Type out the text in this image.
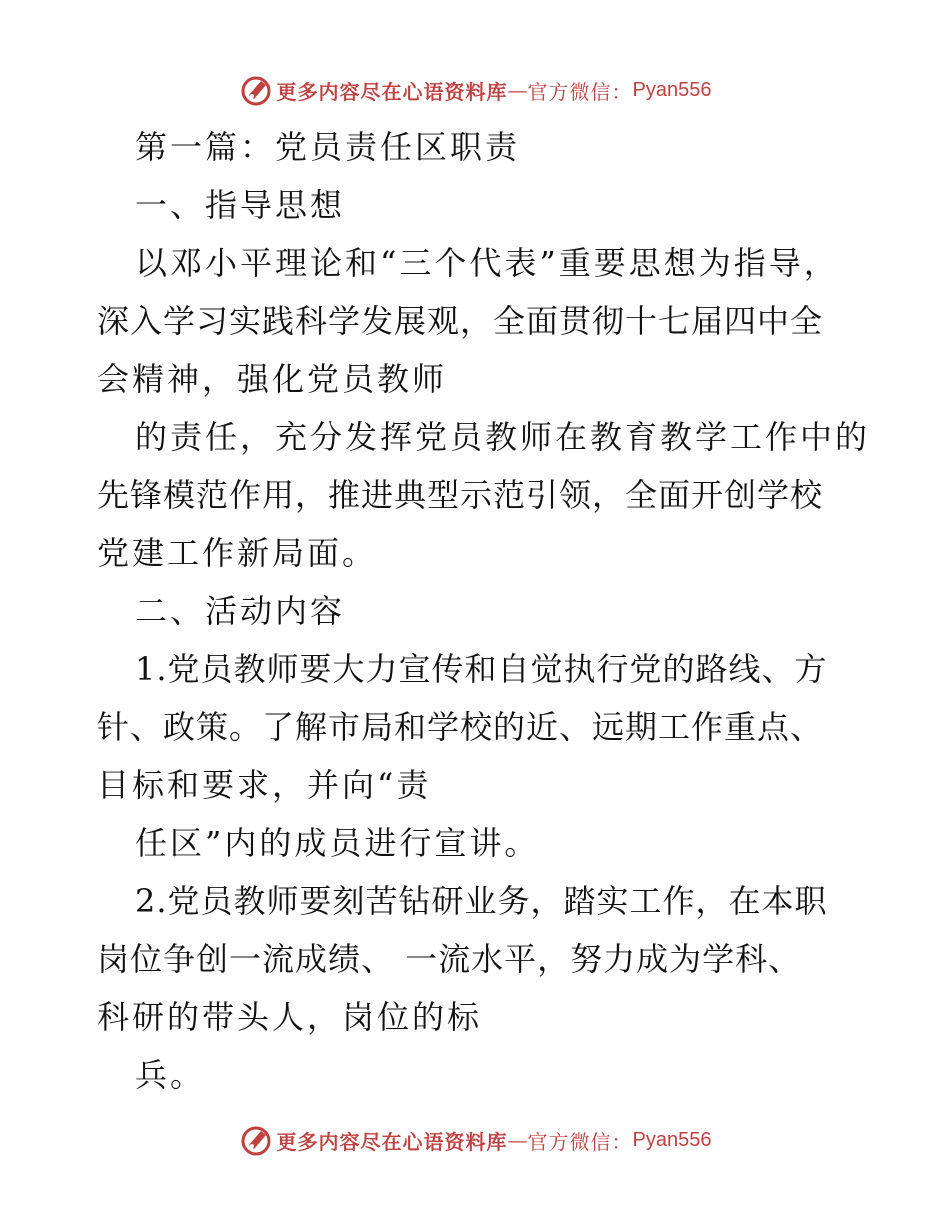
更多内容尽在心语资料库 — 官方微信： Pyan556
第一篇：党员责任区职责
一、指导思想
以邓小平理论和“三个代表”重要思想为指导，
深入学习实践科学发展观，全面贯彻十七届四中全
会精神，强化党员教师
的责任，充分发挥党员教师在教育教学工作中的
先锋模范作用，推进典型示范引领，全面开创学校
党建工作新局面。
二、活动内容
1.党员教师要大力宣传和自觉执行党的路线、方
针、政策。了解市局和学校的近、远期工作重点、
目标和要求，并向“责
任区”内的成员进行宣讲。
2.党员教师要刻苦钻研业务，踏实工作，在本职
岗位争创一流成绩、 一流水平，努力成为学科、
科研的带头人，岗位的标
兵。
更多内容尽在心语资料库 — 官方微信： Pyan556
